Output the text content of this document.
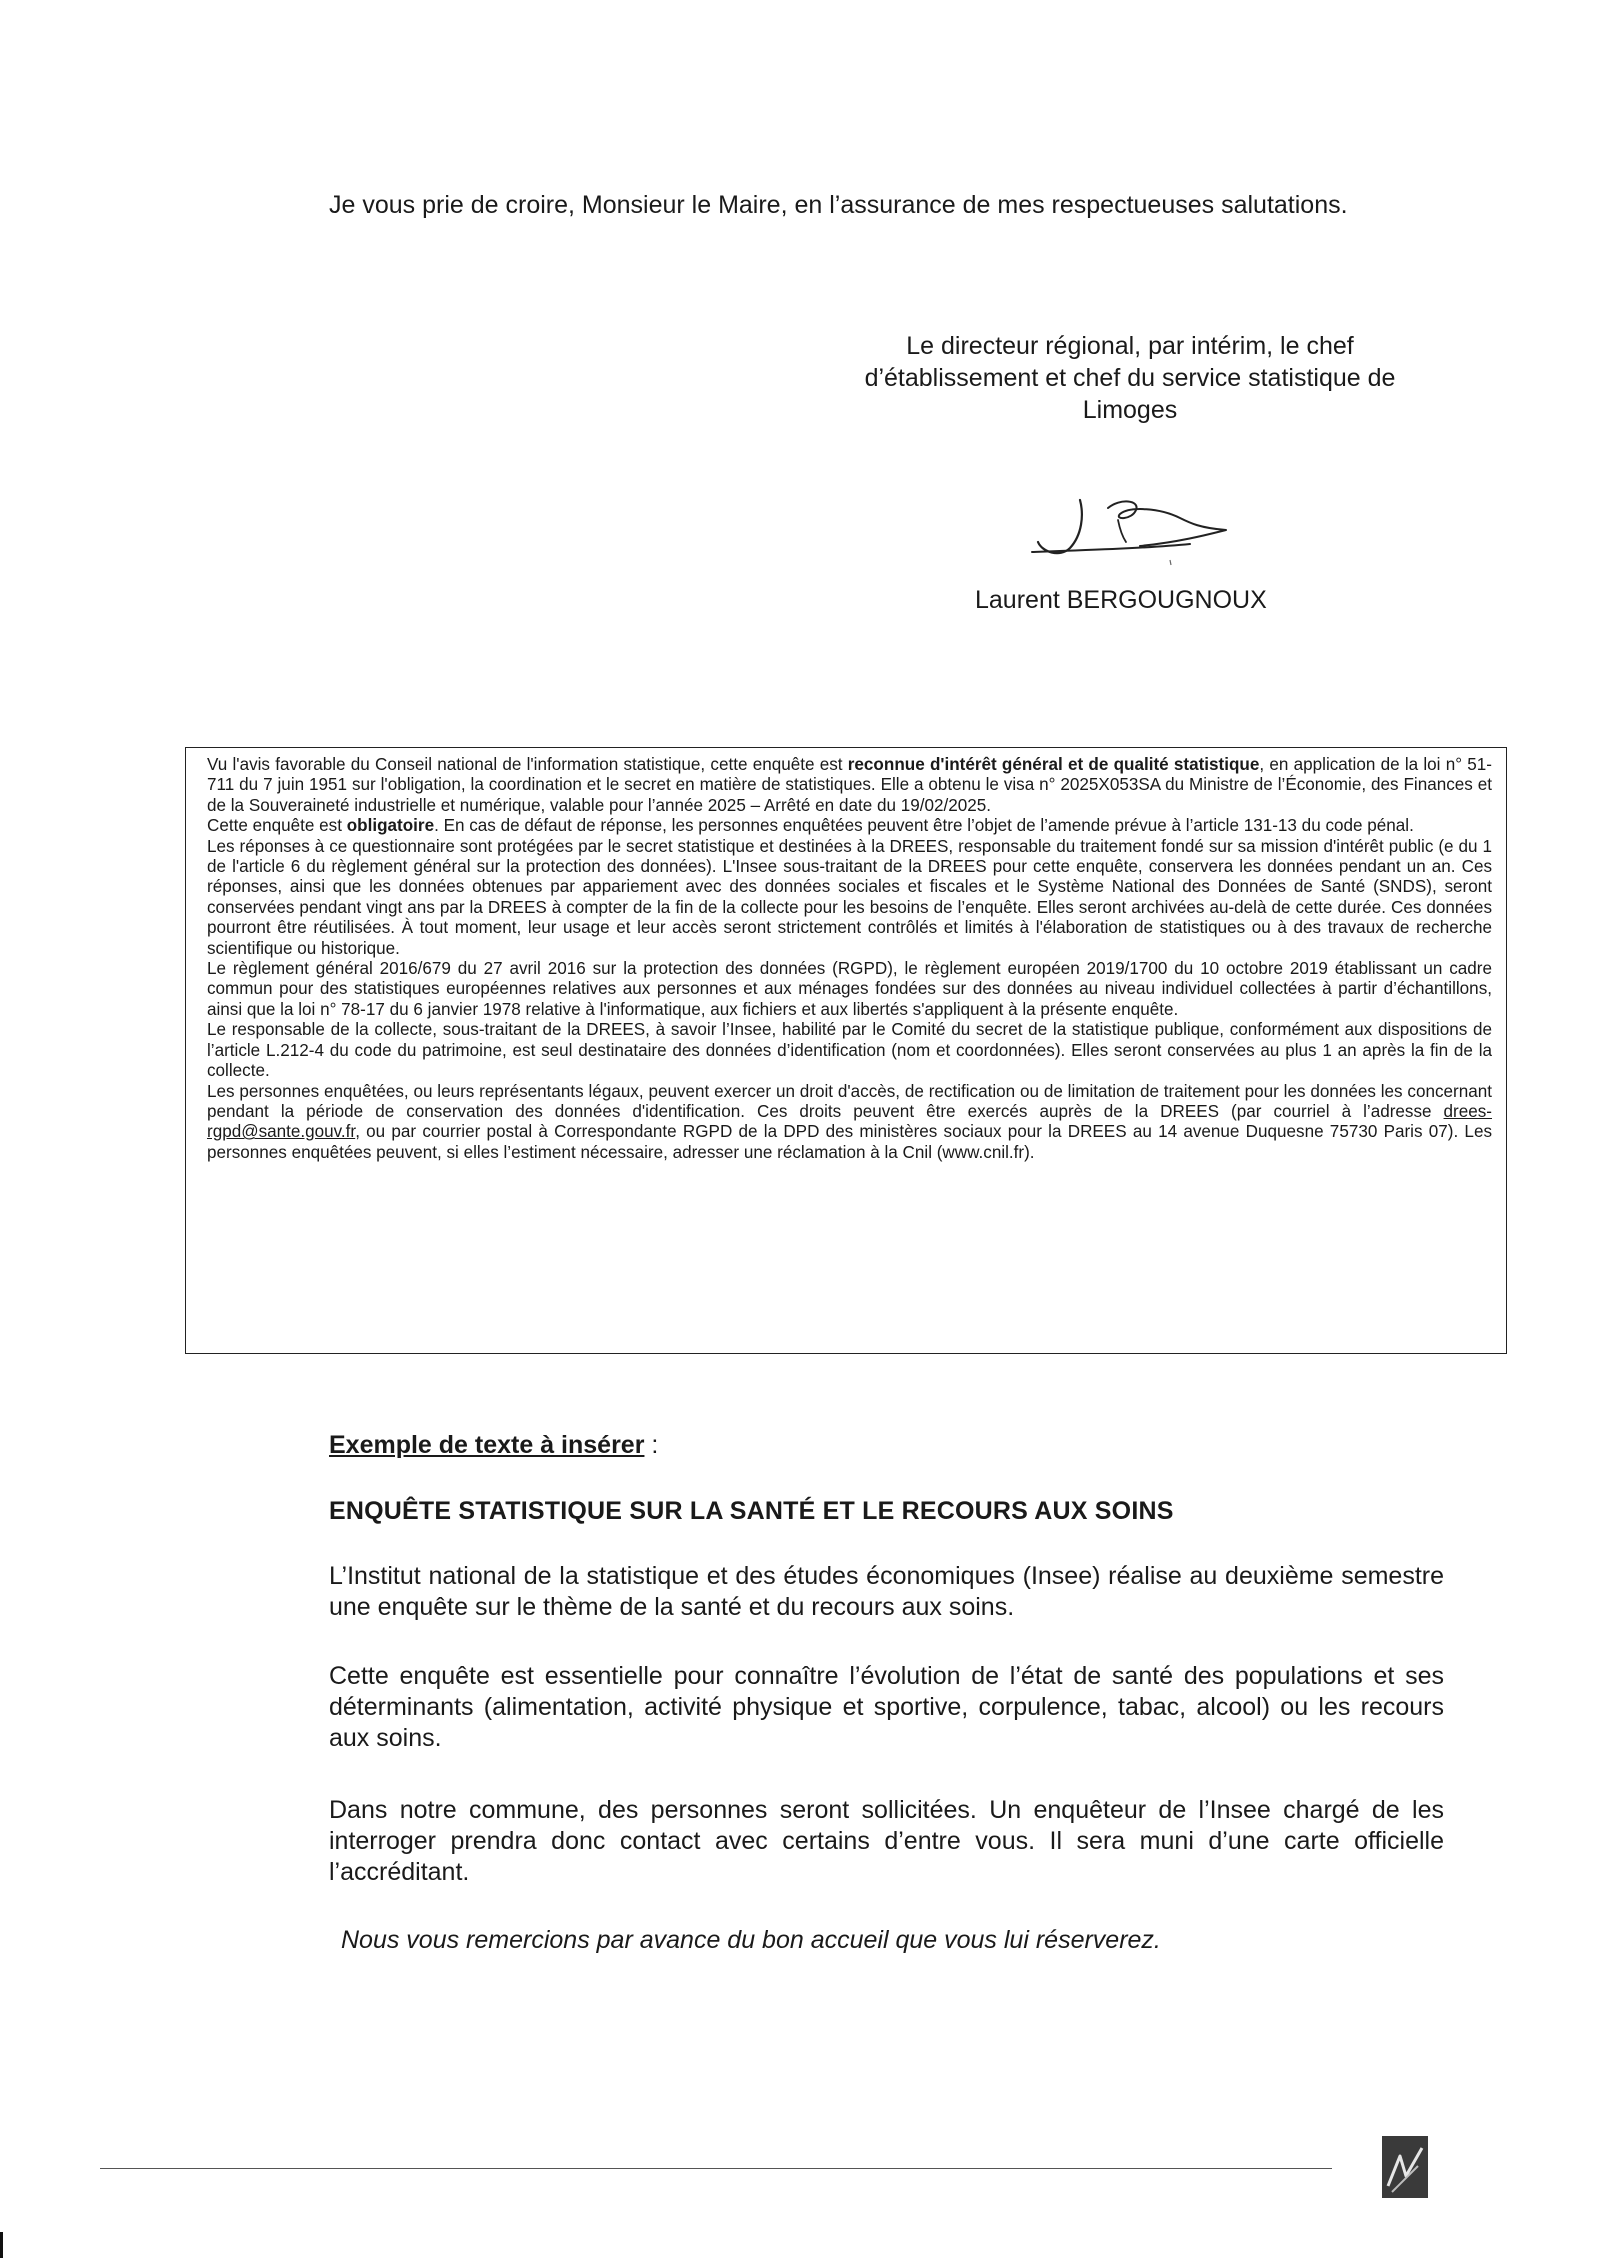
Je vous prie de croire, Monsieur le Maire, en l’assurance de mes respectueuses salutations.
Le directeur régional, par intérim, le chef
d’établissement et chef du service statistique de
Limoges
Laurent BERGOUGNOUX

Vu l'avis favorable du Conseil national de l'information statistique, cette enquête est reconnue d'intérêt général et de qualité statistique, en application de la loi n° 51-711 du 7 juin 1951 sur l'obligation, la coordination et le secret en matière de statistiques. Elle a obtenu le visa n° 2025X053SA du Ministre de l’Économie, des Finances et de la Souveraineté industrielle et numérique, valable pour l’année 2025 – Arrêté en date du 19/02/2025.

Cette enquête est obligatoire. En cas de défaut de réponse, les personnes enquêtées peuvent être l’objet de l’amende prévue à l’article 131-13 du code pénal.

Les réponses à ce questionnaire sont protégées par le secret statistique et destinées à la DREES, responsable du traitement fondé sur sa mission d'intérêt public (e du 1 de l'article 6 du règlement général sur la protection des données). L'Insee sous-traitant de la DREES pour cette enquête, conservera les données pendant un an. Ces réponses, ainsi que les données obtenues par appariement avec des données sociales et fiscales et le Système National des Données de Santé (SNDS), seront conservées pendant vingt ans par la DREES à compter de la fin de la collecte pour les besoins de l’enquête. Elles seront archivées au-delà de cette durée. Ces données pourront être réutilisées. À tout moment, leur usage et leur accès seront strictement contrôlés et limités à l'élaboration de statistiques ou à des travaux de recherche scientifique ou historique.

Le règlement général 2016/679 du 27 avril 2016 sur la protection des données (RGPD), le règlement européen 2019/1700 du 10 octobre 2019 établissant un cadre commun pour des statistiques européennes relatives aux personnes et aux ménages fondées sur des données au niveau individuel collectées à partir d’échantillons, ainsi que la loi n° 78-17 du 6 janvier 1978 relative à l'informatique, aux fichiers et aux libertés s'appliquent à la présente enquête.

Le responsable de la collecte, sous-traitant de la DREES, à savoir l’Insee, habilité par le Comité du secret de la statistique publique, conformément aux dispositions de l’article L.212-4 du code du patrimoine, est seul destinataire des données d’identification (nom et coordonnées). Elles seront conservées au plus 1 an après la fin de la collecte.

Les personnes enquêtées, ou leurs représentants légaux, peuvent exercer un droit d'accès, de rectification ou de limitation de traitement pour les données les concernant pendant la période de conservation des données d'identification. Ces droits peuvent être exercés auprès de la DREES (par courriel à l’adresse drees-rgpd@sante.gouv.fr, ou par courrier postal à Correspondante RGPD de la DPD des ministères sociaux pour la DREES au 14 avenue Duquesne 75730 Paris 07). Les personnes enquêtées peuvent, si elles l’estiment nécessaire, adresser une réclamation à la Cnil (www.cnil.fr).

Exemple de texte à insérer :
ENQUÊTE STATISTIQUE SUR LA SANTÉ ET LE RECOURS AUX SOINS

L’Institut national de la statistique et des études économiques (Insee) réalise au deuxième semestre une enquête sur le thème de la santé et du recours aux soins.

Cette enquête est essentielle pour connaître l’évolution de l’état de santé des populations et ses déterminants (alimentation, activité physique et sportive, corpulence, tabac, alcool) ou les recours aux soins.

Dans notre commune, des personnes seront sollicitées. Un enquêteur de l’Insee chargé de les interroger prendra donc contact avec certains d’entre vous. Il sera muni d’une carte officielle l’accréditant.

Nous vous remercions par avance du bon accueil que vous lui réserverez.
